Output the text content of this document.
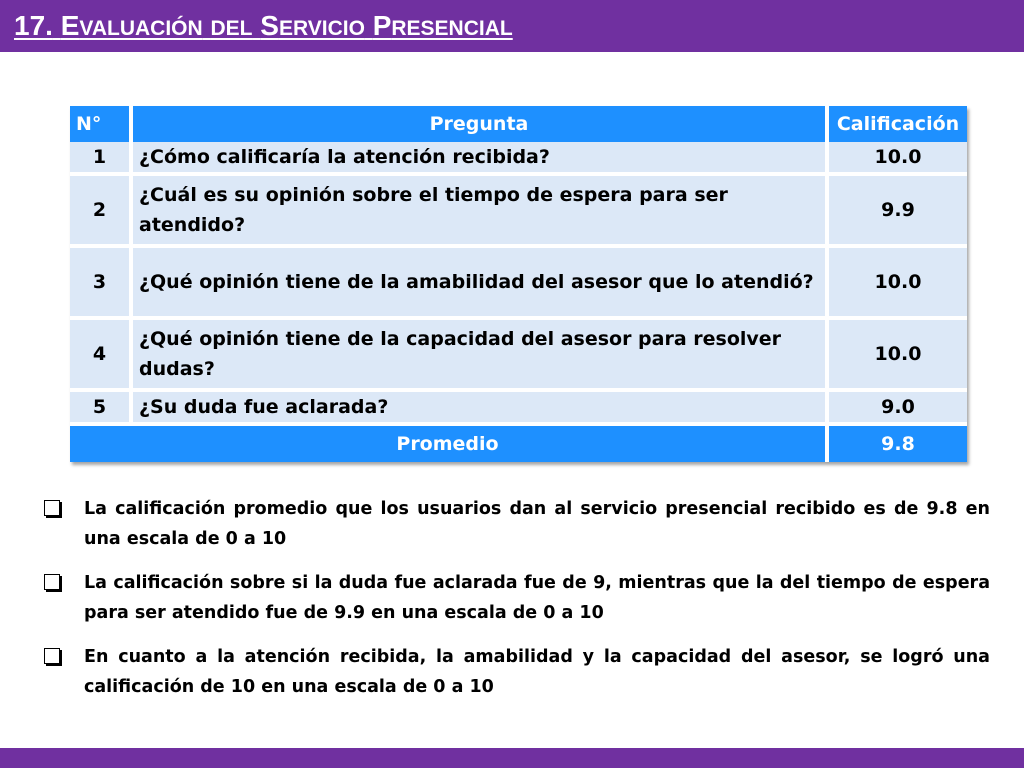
17. EVALUACIÓN DEL SERVICIO PRESENCIAL
N°	Pregunta	Calificación
1	¿Cómo calificaría la atención recibida?	10.0
2	¿Cuál es su opinión sobre el tiempo de espera para ser atendido?	9.9
3	¿Qué opinión tiene de la amabilidad del asesor que lo atendió?	10.0
4	¿Qué opinión tiene de la capacidad del asesor para resolver dudas?	10.0
5	¿Su duda fue aclarada?	9.0
Promedio		9.8
La calificación promedio que los usuarios dan al servicio presencial recibido es de 9.8 en una escala de 0 a 10
La calificación sobre si la duda fue aclarada fue de 9, mientras que la del tiempo de espera para ser atendido fue de 9.9 en una escala de 0 a 10
En cuanto a la atención recibida, la amabilidad y la capacidad del asesor, se logró una calificación de 10 en una escala de 0 a 10
